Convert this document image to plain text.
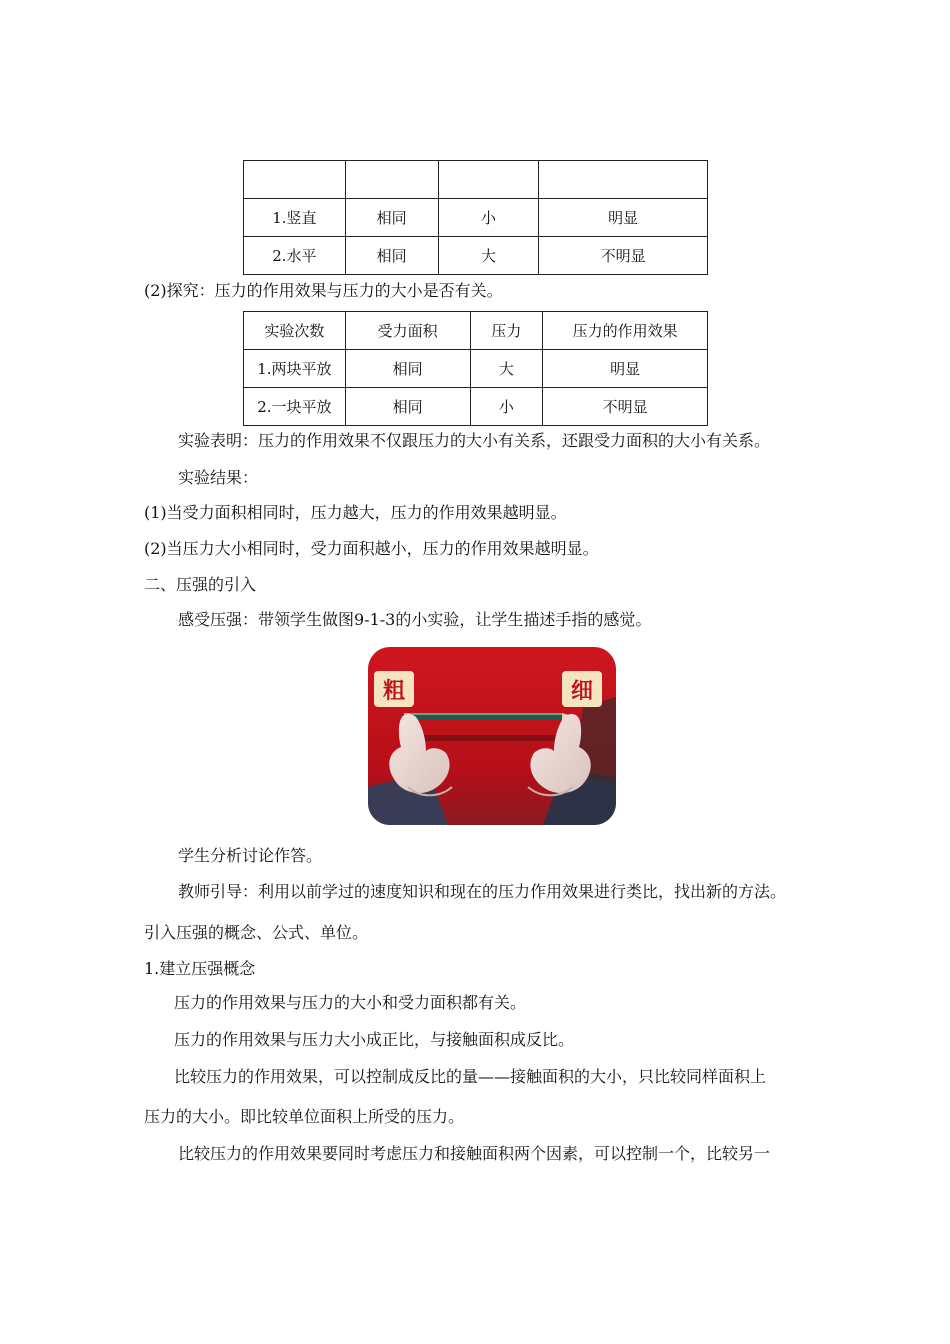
1.竖直	相同	小	明显
2.水平	相同	大	不明显
(2)探究：压力的作用效果与压力的大小是否有关。
实验次数	受力面积	压力	压力的作用效果
1.两块平放	相同	大	明显
2.一块平放	相同	小	不明显
实验表明：压力的作用效果不仅跟压力的大小有关系，还跟受力面积的大小有关系。
实验结果：
(1)当受力面积相同时，压力越大，压力的作用效果越明显。
(2)当压力大小相同时，受力面积越小，压力的作用效果越明显。
二、压强的引入
感受压强：带领学生做图9-1-3的小实验，让学生描述手指的感觉。
粗	细
学生分析讨论作答。
教师引导：利用以前学过的速度知识和现在的压力作用效果进行类比，找出新的方法。
引入压强的概念、公式、单位。
1.建立压强概念
压力的作用效果与压力的大小和受力面积都有关。
压力的作用效果与压力大小成正比，与接触面积成反比。
比较压力的作用效果，可以控制成反比的量——接触面积的大小，只比较同样面积上
压力的大小。即比较单位面积上所受的压力。
比较压力的作用效果要同时考虑压力和接触面积两个因素，可以控制一个，比较另一
